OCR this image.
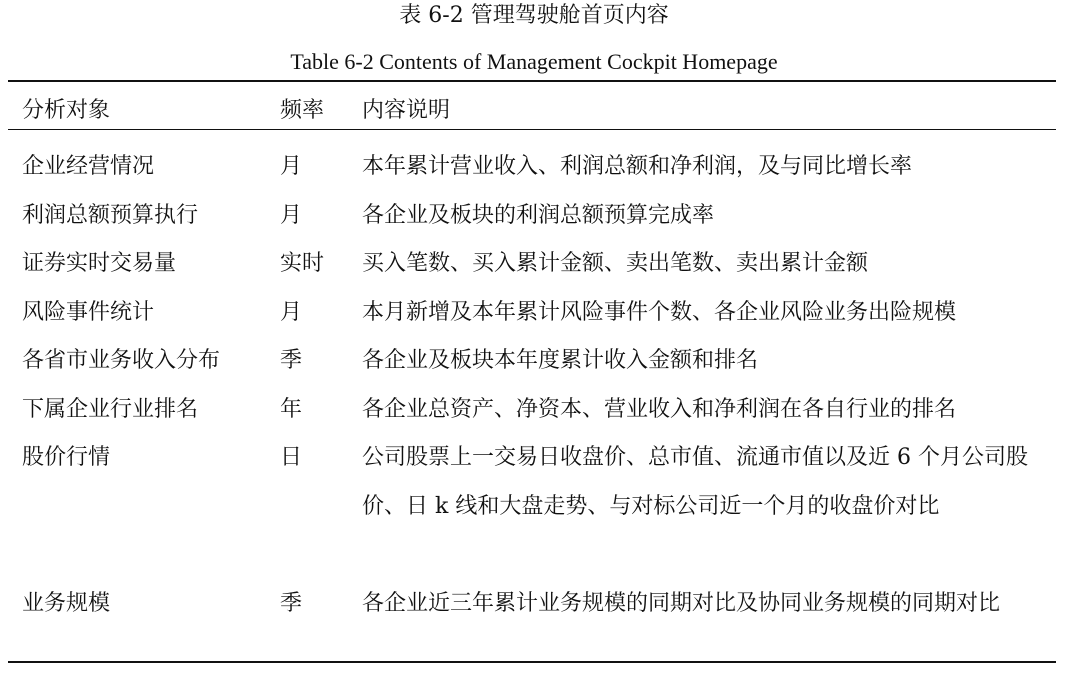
表 6-2 管理驾驶舱首页内容
Table 6-2 Contents of Management Cockpit Homepage
分析对象	频率	内容说明
企业经营情况	月	本年累计营业收入、利润总额和净利润，及与同比增长率
利润总额预算执行	月	各企业及板块的利润总额预算完成率
证券实时交易量	实时	买入笔数、买入累计金额、卖出笔数、卖出累计金额
风险事件统计	月	本月新增及本年累计风险事件个数、各企业风险业务出险规模
各省市业务收入分布	季	各企业及板块本年度累计收入金额和排名
下属企业行业排名	年	各企业总资产、净资本、营业收入和净利润在各自行业的排名
股价行情	日	公司股票上一交易日收盘价、总市值、流通市值以及近 6 个月公司股价、日 k 线和大盘走势、与对标公司近一个月的收盘价对比
业务规模	季	各企业近三年累计业务规模的同期对比及协同业务规模的同期对比
